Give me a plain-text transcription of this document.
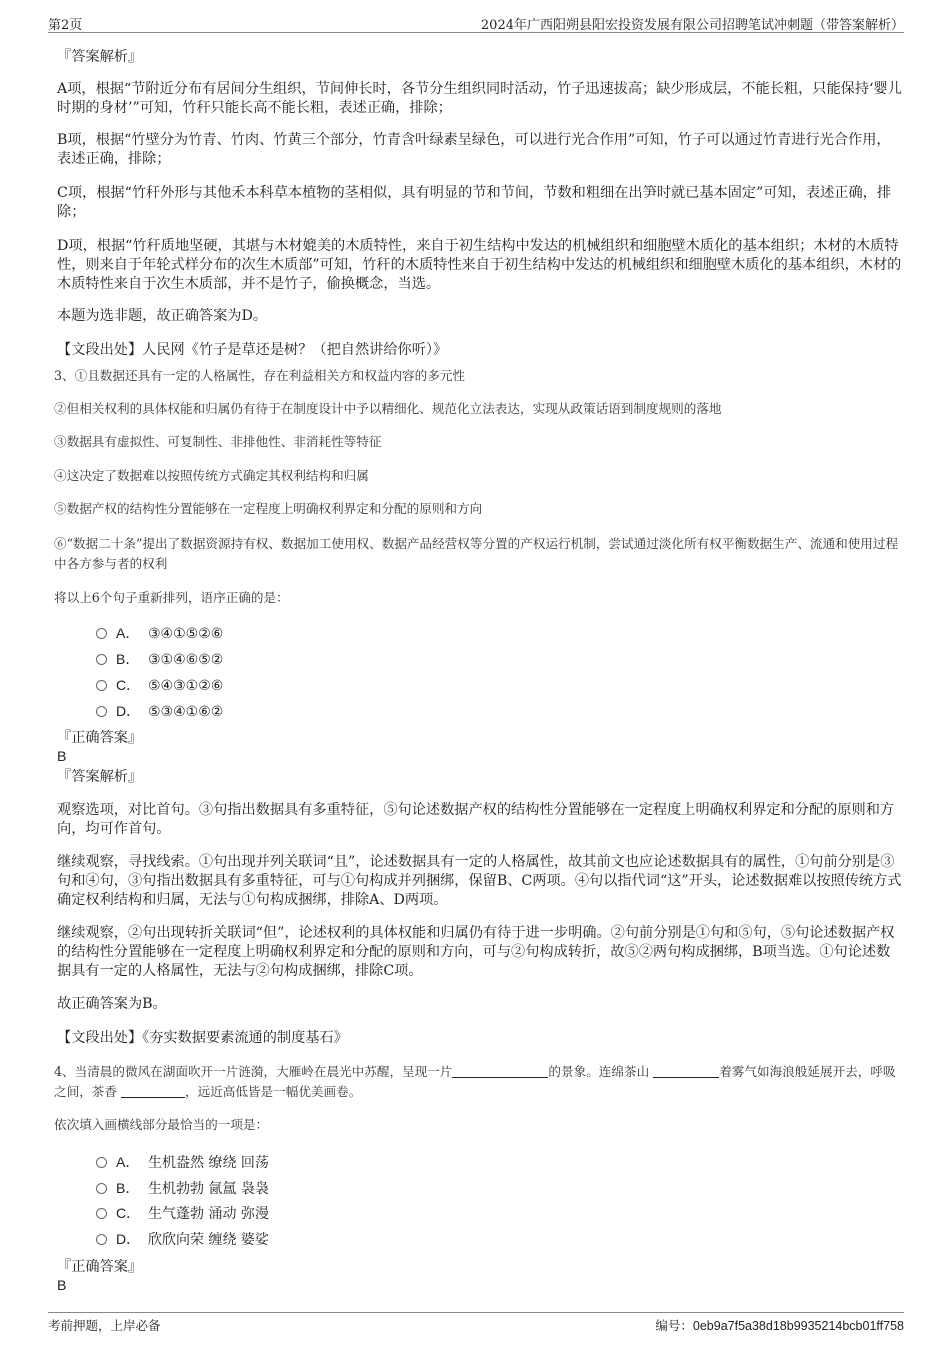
第2页	2024年广西阳朔县阳宏投资发展有限公司招聘笔试冲刺题（带答案解析）
『答案解析』
A项，根据“节附近分布有居间分生组织，节间伸长时，各节分生组织同时活动，竹子迅速拔高；缺少形成层，不能长粗，只能保持‘婴儿时期的身材’”可知，竹秆只能长高不能长粗，表述正确，排除；
B项，根据“竹壁分为竹青、竹肉、竹黄三个部分，竹青含叶绿素呈绿色，可以进行光合作用”可知，竹子可以通过竹青进行光合作用，表述正确，排除；
C项，根据“竹秆外形与其他禾本科草本植物的茎相似，具有明显的节和节间，节数和粗细在出笋时就已基本固定”可知，表述正确，排除；
D项，根据“竹秆质地坚硬，其堪与木材媲美的木质特性，来自于初生结构中发达的机械组织和细胞壁木质化的基本组织；木材的木质特性，则来自于年轮式样分布的次生木质部”可知，竹秆的木质特性来自于初生结构中发达的机械组织和细胞壁木质化的基本组织，木材的木质特性来自于次生木质部，并不是竹子，偷换概念，当选。
本题为选非题，故正确答案为D。
【文段出处】人民网《竹子是草还是树？（把自然讲给你听）》
3、①且数据还具有一定的人格属性，存在利益相关方和权益内容的多元性
②但相关权利的具体权能和归属仍有待于在制度设计中予以精细化、规范化立法表达，实现从政策话语到制度规则的落地
③数据具有虚拟性、可复制性、非排他性、非消耗性等特征
④这决定了数据难以按照传统方式确定其权利结构和归属
⑤数据产权的结构性分置能够在一定程度上明确权利界定和分配的原则和方向
⑥“数据二十条”提出了数据资源持有权、数据加工使用权、数据产品经营权等分置的产权运行机制，尝试通过淡化所有权平衡数据生产、流通和使用过程中各方参与者的权利
将以上6个句子重新排列，语序正确的是：
A． ③④①⑤②⑥
B． ③①④⑥⑤②
C． ⑤④③①②⑥
D． ⑤③④①⑥②
『正确答案』
B
『答案解析』
观察选项，对比首句。③句指出数据具有多重特征，⑤句论述数据产权的结构性分置能够在一定程度上明确权利界定和分配的原则和方向，均可作首句。
继续观察，寻找线索。①句出现并列关联词“且”，论述数据具有一定的人格属性，故其前文也应论述数据具有的属性，①句前分别是③句和④句，③句指出数据具有多重特征，可与①句构成并列捆绑，保留B、C两项。④句以指代词“这”开头，论述数据难以按照传统方式确定权利结构和归属，无法与①句构成捆绑，排除A、D两项。
继续观察，②句出现转折关联词“但”，论述权利的具体权能和归属仍有待于进一步明确。②句前分别是①句和⑤句，⑤句论述数据产权的结构性分置能够在一定程度上明确权利界定和分配的原则和方向，可与②句构成转折，故⑤②两句构成捆绑，B项当选。①句论述数据具有一定的人格属性，无法与②句构成捆绑，排除C项。
故正确答案为B。
【文段出处】《夯实数据要素流通的制度基石》
4、当清晨的微风在湖面吹开一片涟漪，大雁岭在晨光中苏醒，呈现一片	的景象。连绵茶山	着雾气如海浪般延展开去，呼吸之间，茶香	，远近高低皆是一幅优美画卷。
依次填入画横线部分最恰当的一项是：
A． 生机盎然 缭绕 回荡
B． 生机勃勃 氤氲 袅袅
C． 生气蓬勃 涌动 弥漫
D． 欣欣向荣 缠绕 婆娑
『正确答案』
B
考前押题，上岸必备	编号：0eb9a7f5a38d18b9935214bcb01ff758
